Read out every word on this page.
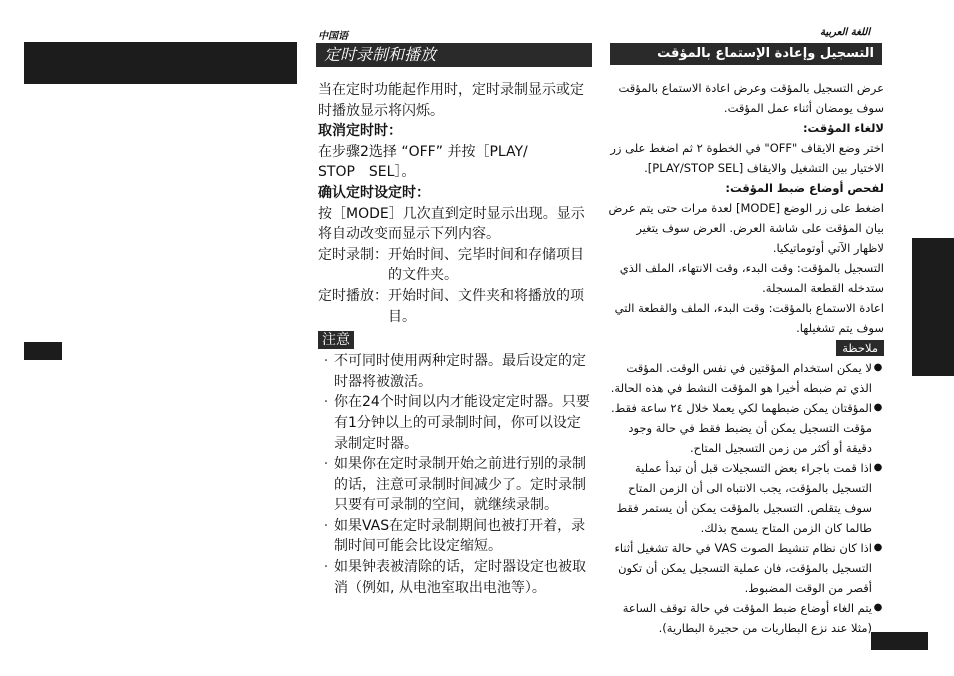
中国语	اللغة العربية
定时录制和播放

当在定时功能起作用时，定时录制显示或定时播放显示将闪烁。

取消定时时：

在步骤2选择 “OFF” 并按［PLAY/
STOP　SEL］。

确认定时设定时：

按［MODE］几次直到定时显示出现。显示将自动改变而显示下列内容。

定时录制： 开始时间、完毕时间和存储项目的文件夹。
定时播放： 开始时间、文件夹和将播放的项目。
注意
· 不可同时使用两种定时器。最后设定的定时器将被激活。
· 你在24个时间以内才能设定定时器。只要有1分钟以上的可录制时间，你可以设定录制定时器。
· 如果你在定时录制开始之前进行别的录制的话，注意可录制时间减少了。定时录制只要有可录制的空间，就继续录制。
· 如果VAS在定时录制期间也被打开着，录制时间可能会比设定缩短。
· 如果钟表被清除的话，定时器设定也被取消（例如, 从电池室取出电池等）。
التسجيل وإعادة الإستماع بالمؤقت

عرض التسجيل بالمؤقت وعرض اعادة الاستماع بالمؤقت سوف يومضان أثناء عمل المؤقت.

لالغاء المؤقت:

اختر وضع الايقاف "OFF" في الخطوة ٢ ثم اضغط على زر الاختيار بين التشغيل والايقاف [PLAY/STOP SEL].

لفحص أوضاع ضبط المؤقت:

اضغط على زر الوضع [MODE] لعدة مرات حتى يتم عرض بيان المؤقت على شاشة العرض. العرض سوف يتغير لاظهار الآتي أوتوماتيكيا.

التسجيل بالمؤقت: وقت البدء، وقت الانتهاء، الملف الذي ستدخله القطعة المسجلة.

اعادة الاستماع بالمؤقت: وقت البدء، الملف والقطعة التي سوف يتم تشغيلها.

ملاحظة
●
لا يمكن استخدام المؤقتين في نفس الوقت. المؤقت الذي تم ضبطه أخيرا هو المؤقت النشط في هذه الحالة.
●
المؤقتان يمكن ضبطهما لكي يعملا خلال ٢٤ ساعة فقط. مؤقت التسجيل يمكن أن يضبط فقط في حالة وجود دقيقة أو أكثر من زمن التسجيل المتاح.
●
اذا قمت باجراء بعض التسجيلات قبل أن تبدأ عملية التسجيل بالمؤقت، يجب الانتباه الى أن الزمن المتاح سوف يتقلص. التسجيل بالمؤقت يمكن أن يستمر فقط طالما كان الزمن المتاح يسمح بذلك.
●
اذا كان نظام تنشيط الصوت VAS في حالة تشغيل أثناء التسجيل بالمؤقت، فان عملية التسجيل يمكن أن تكون أقصر من الوقت المضبوط.
●
يتم الغاء أوضاع ضبط المؤقت في حالة توقف الساعة (مثلا عند نزع البطاريات من حجيرة البطارية).
